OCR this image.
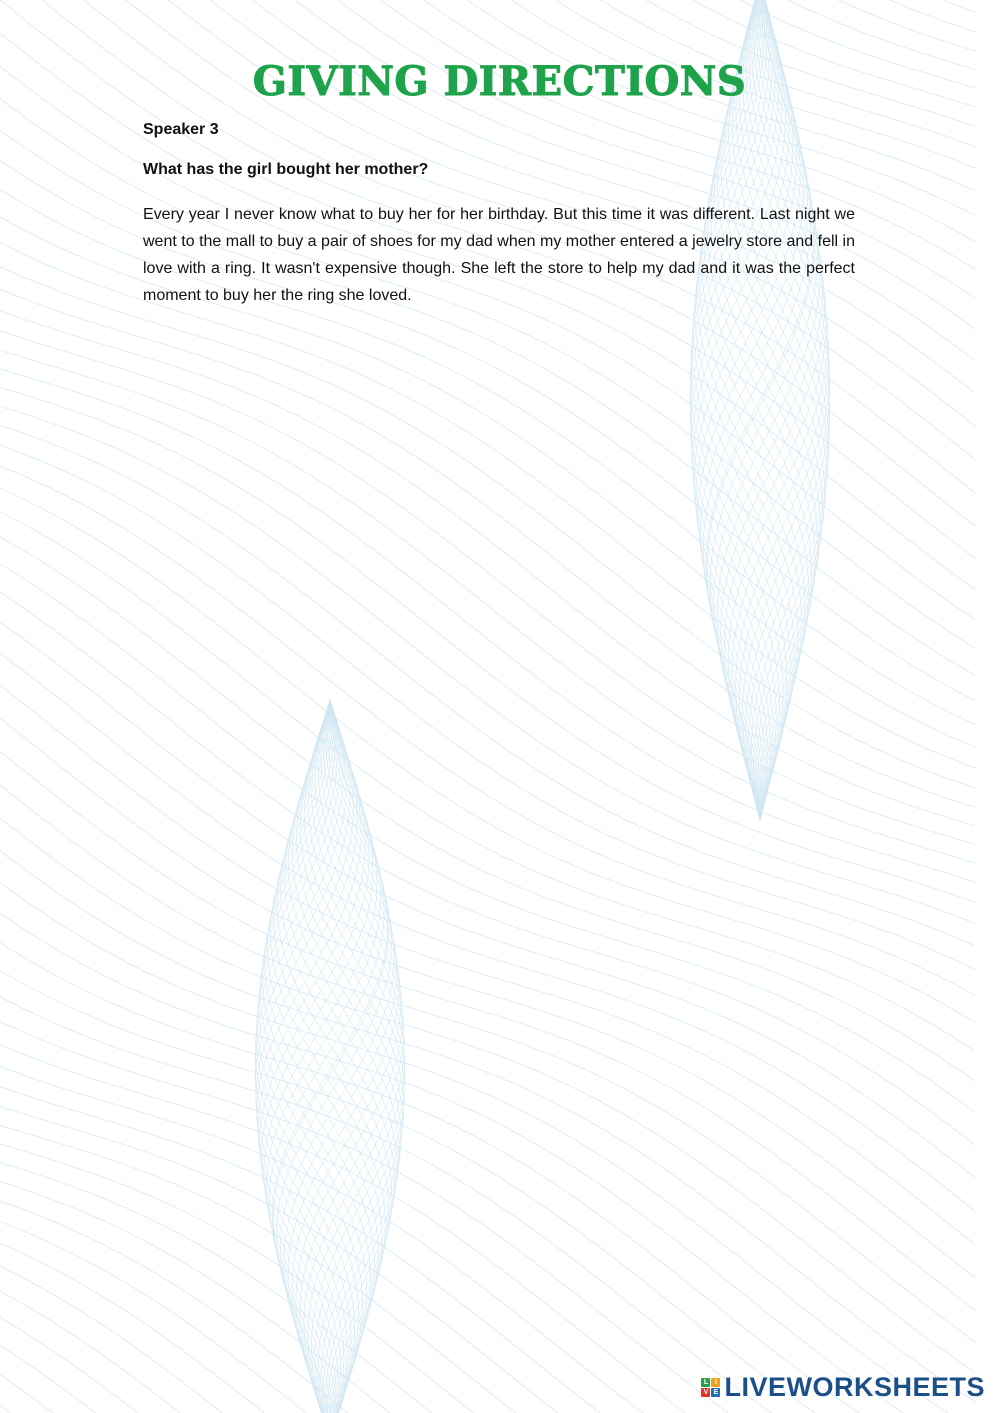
GIVING DIRECTIONS

Speaker 3

What has the girl bought her mother?

Every year I never know what to buy her for her birthday. But this time it was different. Last night we went to the mall to buy a pair of shoes for my dad when my mother entered a jewelry store and fell in love with a ring. It wasn't expensive though. She left the store to help my dad and it was the perfect moment to buy her the ring she loved.

L I
V E LIVEWORKSHEETS
